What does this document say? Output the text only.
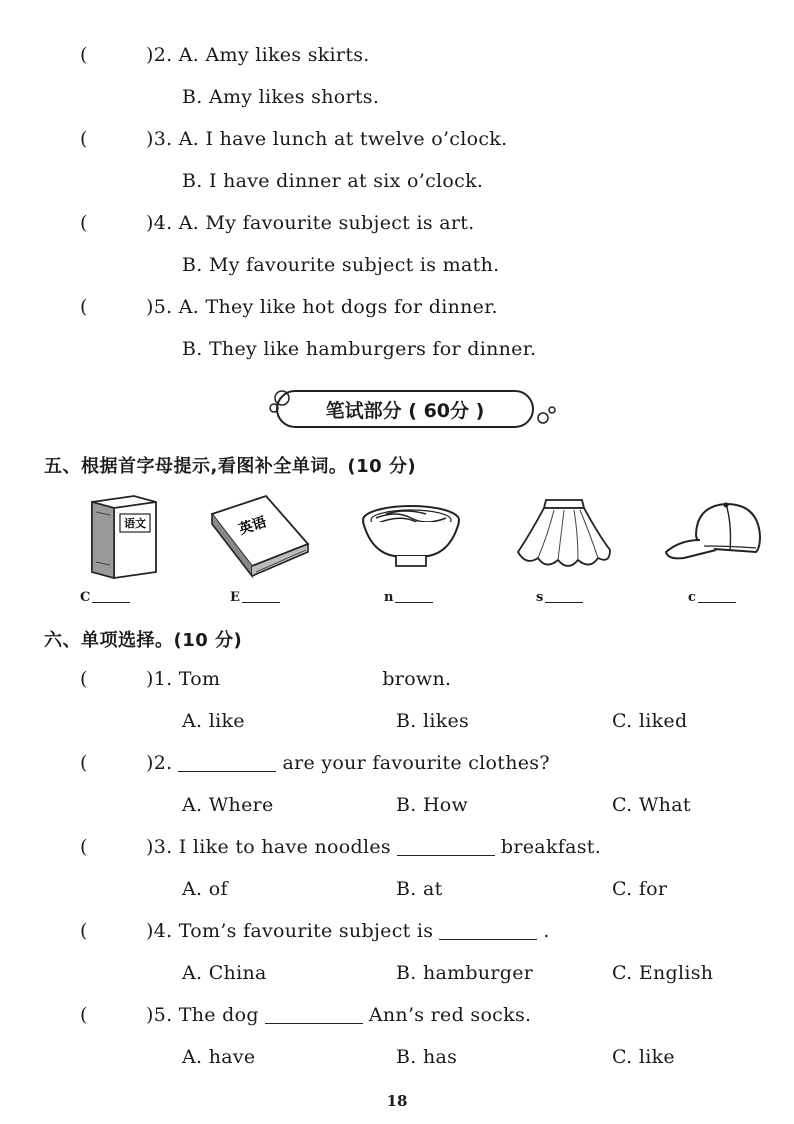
(	)2. A. Amy likes skirts.
B. Amy likes shorts.
(	)3. A. I have lunch at twelve o’clock.
B. I have dinner at six o’clock.
(	)4. A. My favourite subject is art.
B. My favourite subject is math.
(	)5. A. They like hot dogs for dinner.
B. They like hamburgers for dinner.
笔试部分 ( 60分 )
五、根据首字母提示,看图补全单词。(10 分)
语文	英语
C	E	n	s	c
六、单项选择。(10 分)
(	)1. Tom	brown.
A. like	B. likes	C. liked
(	)2.	are your favourite clothes?
A. Where	B. How	C. What
(	)3. I like to have noodles	breakfast.
A. of	B. at	C. for
(	)4. Tom’s favourite subject is	.
A. China	B. hamburger	C. English
(	)5. The dog	Ann’s red socks.
A. have	B. has	C. like
18
